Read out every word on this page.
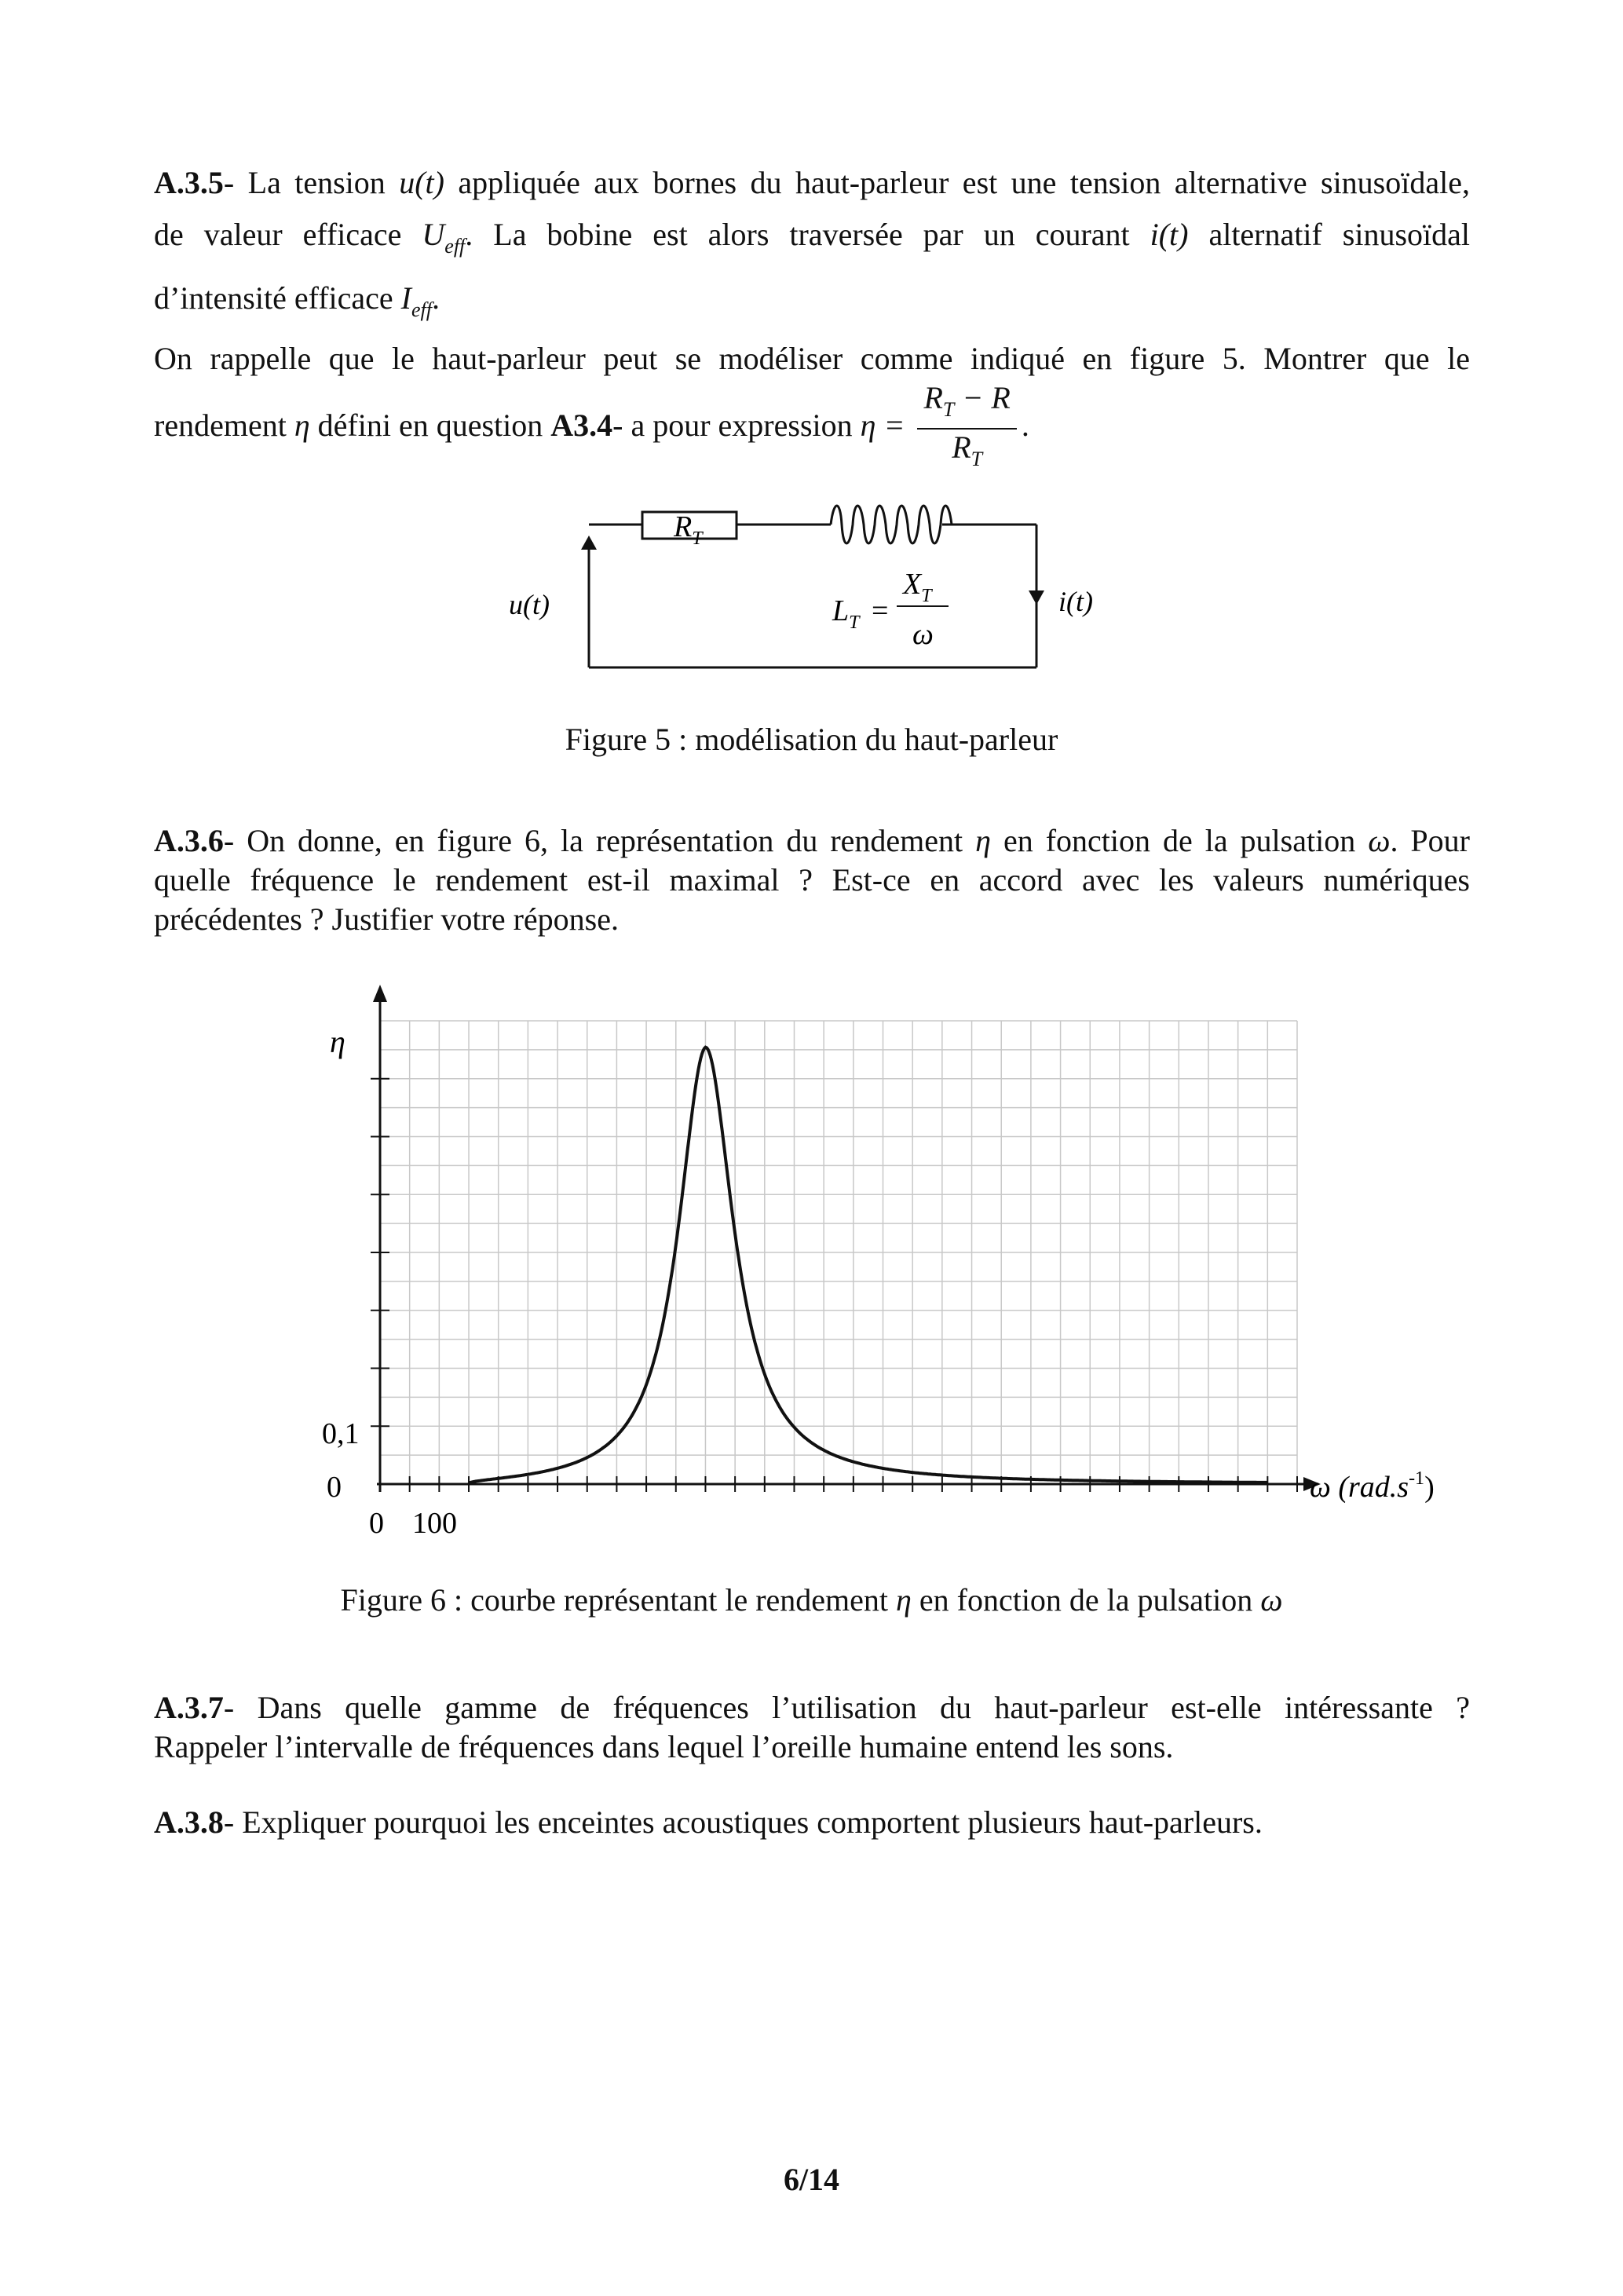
A.3.5- La tension u(t) appliquée aux bornes du haut-parleur est une tension alternative sinusoïdale,
de valeur efficace $U_{eff}$. La bobine est alors traversée par un courant i(t) alternatif sinusoïdal
d’intensité efficace $I_{eff}$.
On rappelle que le haut-parleur peut se modéliser comme indiqué en figure 5. Montrer que le
rendement η défini en question A3.4- a pour expression $\eta = \frac{R_T - R}{R_T}$ .
$R_T$
u(t)	i(t)
$L_T$ =
$X_T$
ω
Figure 5 : modélisation du haut-parleur
A.3.6- On donne, en figure 6, la représentation du rendement η en fonction de la pulsation ω. Pour
quelle fréquence le rendement est-il maximal ? Est-ce en accord avec les valeurs numériques
précédentes ? Justifier votre réponse.
η
0,1
0
0 100
ω $(rad.s^{-1})$
Figure 6 : courbe représentant le rendement η en fonction de la pulsation ω
A.3.7- Dans quelle gamme de fréquences l’utilisation du haut-parleur est-elle intéressante ?
Rappeler l’intervalle de fréquences dans lequel l’oreille humaine entend les sons.
A.3.8- Expliquer pourquoi les enceintes acoustiques comportent plusieurs haut-parleurs.
6/14
